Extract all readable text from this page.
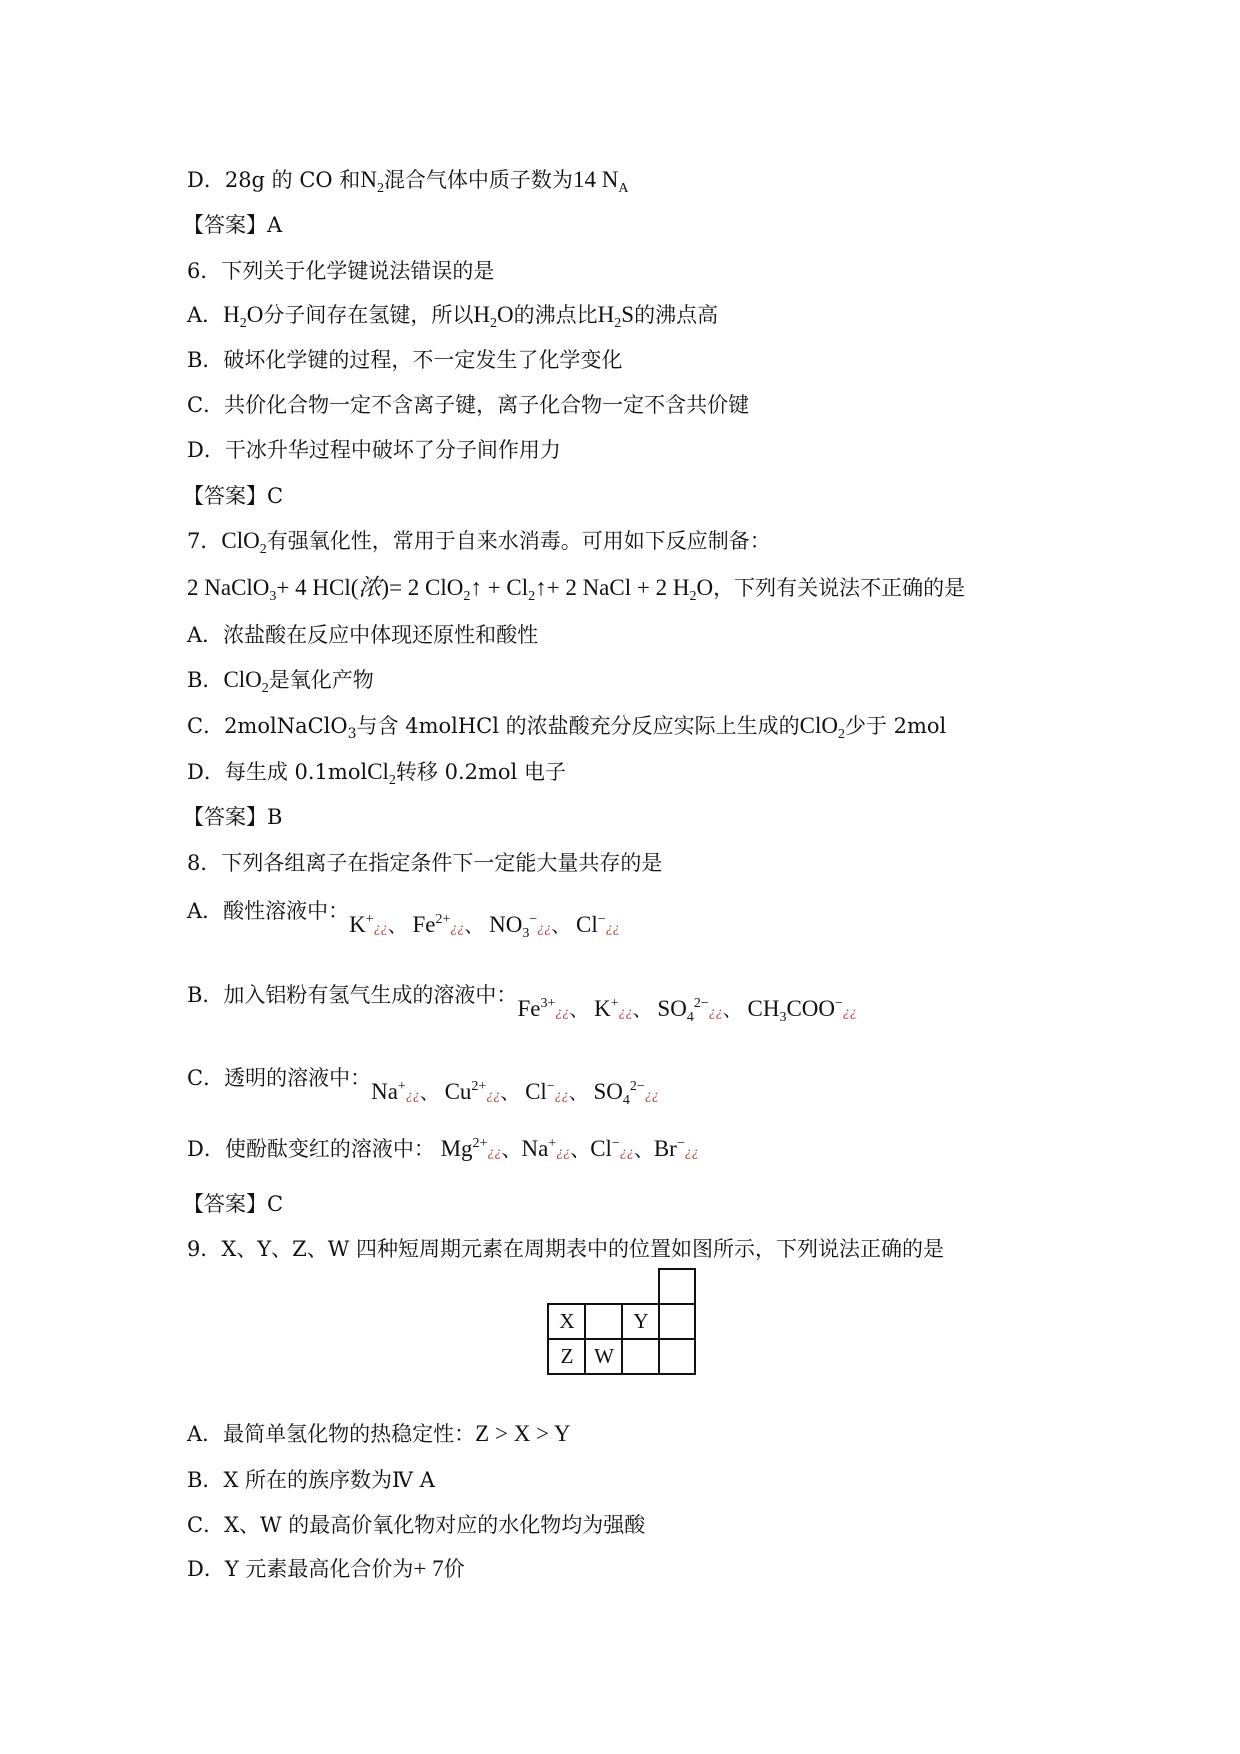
D．28g 的 CO 和$N_2$混合气体中质子数为14 $N_A$
【答案】A
6．下列关于化学键说法错误的是
A．$H_2O$分子间存在氢键，所以$H_2O$的沸点比$H_2S$的沸点高
B．破坏化学键的过程，不一定发生了化学变化
C．共价化合物一定不含离子键，离子化合物一定不含共价键
D．干冰升华过程中破坏了分子间作用力
【答案】C
7．ClO$_2$有强氧化性，常用于自来水消毒。可用如下反应制备：
2 NaClO$_3$+ 4 HCl(浓)= 2 ClO$_2$↑ + $Cl_2↑+ 2$ NaCl + 2 $H_2O$，下列有关说法不正确的是
A．浓盐酸在反应中体现还原性和酸性
B．ClO$_2$是氧化产物
C．2molNaClO$_3$与含 4molHCl 的浓盐酸充分反应实际上生成的ClO$_2$少于 2mol
D．每生成 0.1molCl$_2$转移 0.2mol 电子
【答案】B
8．下列各组离子在指定条件下一定能大量共存的是
A．酸性溶液中：K+¿¿、 $Fe^{2+}¿¿$、 $NO_3^-¿¿$、 Cl−¿¿
B．加入铝粉有氢气生成的溶液中：$Fe^{3+}¿¿$、 K+¿¿、 $SO_4^{2-}¿¿$、 $CH_3COO^-¿¿$
C．透明的溶液中：Na+¿¿、 $Cu^{2+}¿¿$、 Cl−¿¿、 $SO_4^{2-}¿¿$
D．使酚酞变红的溶液中： $Mg^{2+}¿¿$、Na+¿¿、Cl−¿¿、Br−¿¿
【答案】C
9．X、Y、Z、W 四种短周期元素在周期表中的位置如图所示，下列说法正确的是
X	Y
Z W
A．最简单氢化物的热稳定性：Z > X > Y
B．X 所在的族序数为Ⅳ A
C．X、W 的最高价氧化物对应的水化物均为强酸
D．Y 元素最高化合价为+ 7价
